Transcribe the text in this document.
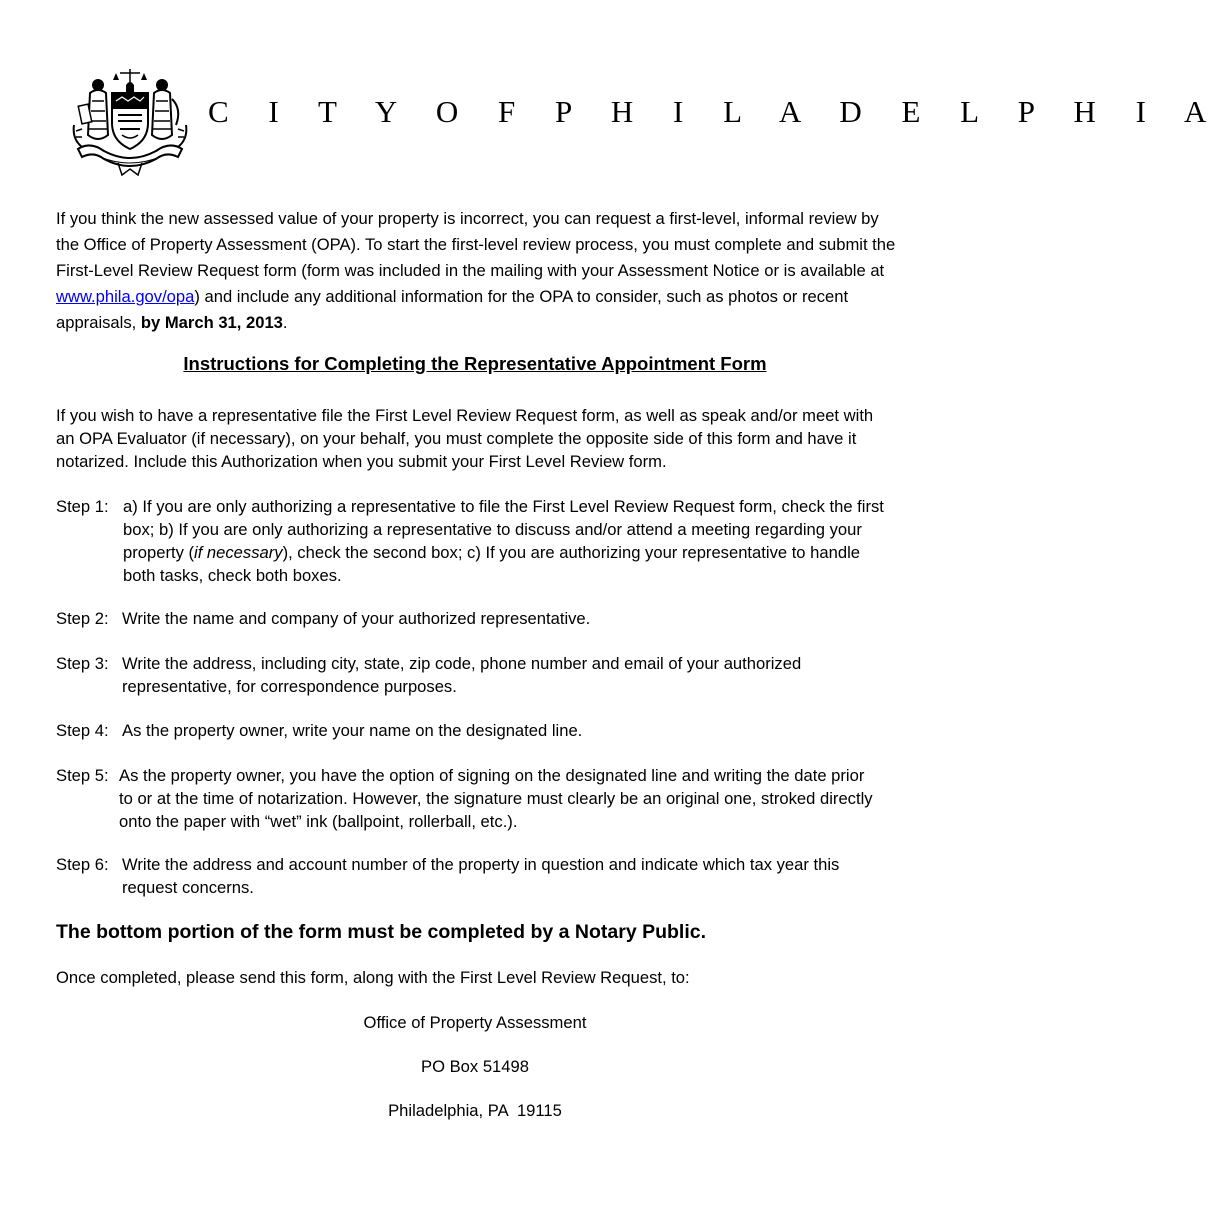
C I T Y O F P H I L A D E L P H I A
If you think the new assessed value of your property is incorrect, you can request a first-level, informal review by the Office of Property Assessment (OPA). To start the first-level review process, you must complete and submit the First-Level Review Request form (form was included in the mailing with your Assessment Notice or is available at www.phila.gov/opa) and include any additional information for the OPA to consider, such as photos or recent appraisals, by March 31, 2013.
Instructions for Completing the Representative Appointment Form
If you wish to have a representative file the First Level Review Request form, as well as speak and/or meet with an OPA Evaluator (if necessary), on your behalf, you must complete the opposite side of this form and have it notarized. Include this Authorization when you submit your First Level Review form.
Step 1: a) If you are only authorizing a representative to file the First Level Review Request form, check the first box; b) If you are only authorizing a representative to discuss and/or attend a meeting regarding your property (if necessary), check the second box; c) If you are authorizing your representative to handle both tasks, check both boxes.
Step 2: Write the name and company of your authorized representative.
Step 3: Write the address, including city, state, zip code, phone number and email of your authorized representative, for correspondence purposes.
Step 4: As the property owner, write your name on the designated line.
Step 5: As the property owner, you have the option of signing on the designated line and writing the date prior to or at the time of notarization. However, the signature must clearly be an original one, stroked directly onto the paper with “wet” ink (ballpoint, rollerball, etc.).
Step 6: Write the address and account number of the property in question and indicate which tax year this request concerns.
The bottom portion of the form must be completed by a Notary Public.
Once completed, please send this form, along with the First Level Review Request, to:
Office of Property Assessment
PO Box 51498
Philadelphia, PA  19115
